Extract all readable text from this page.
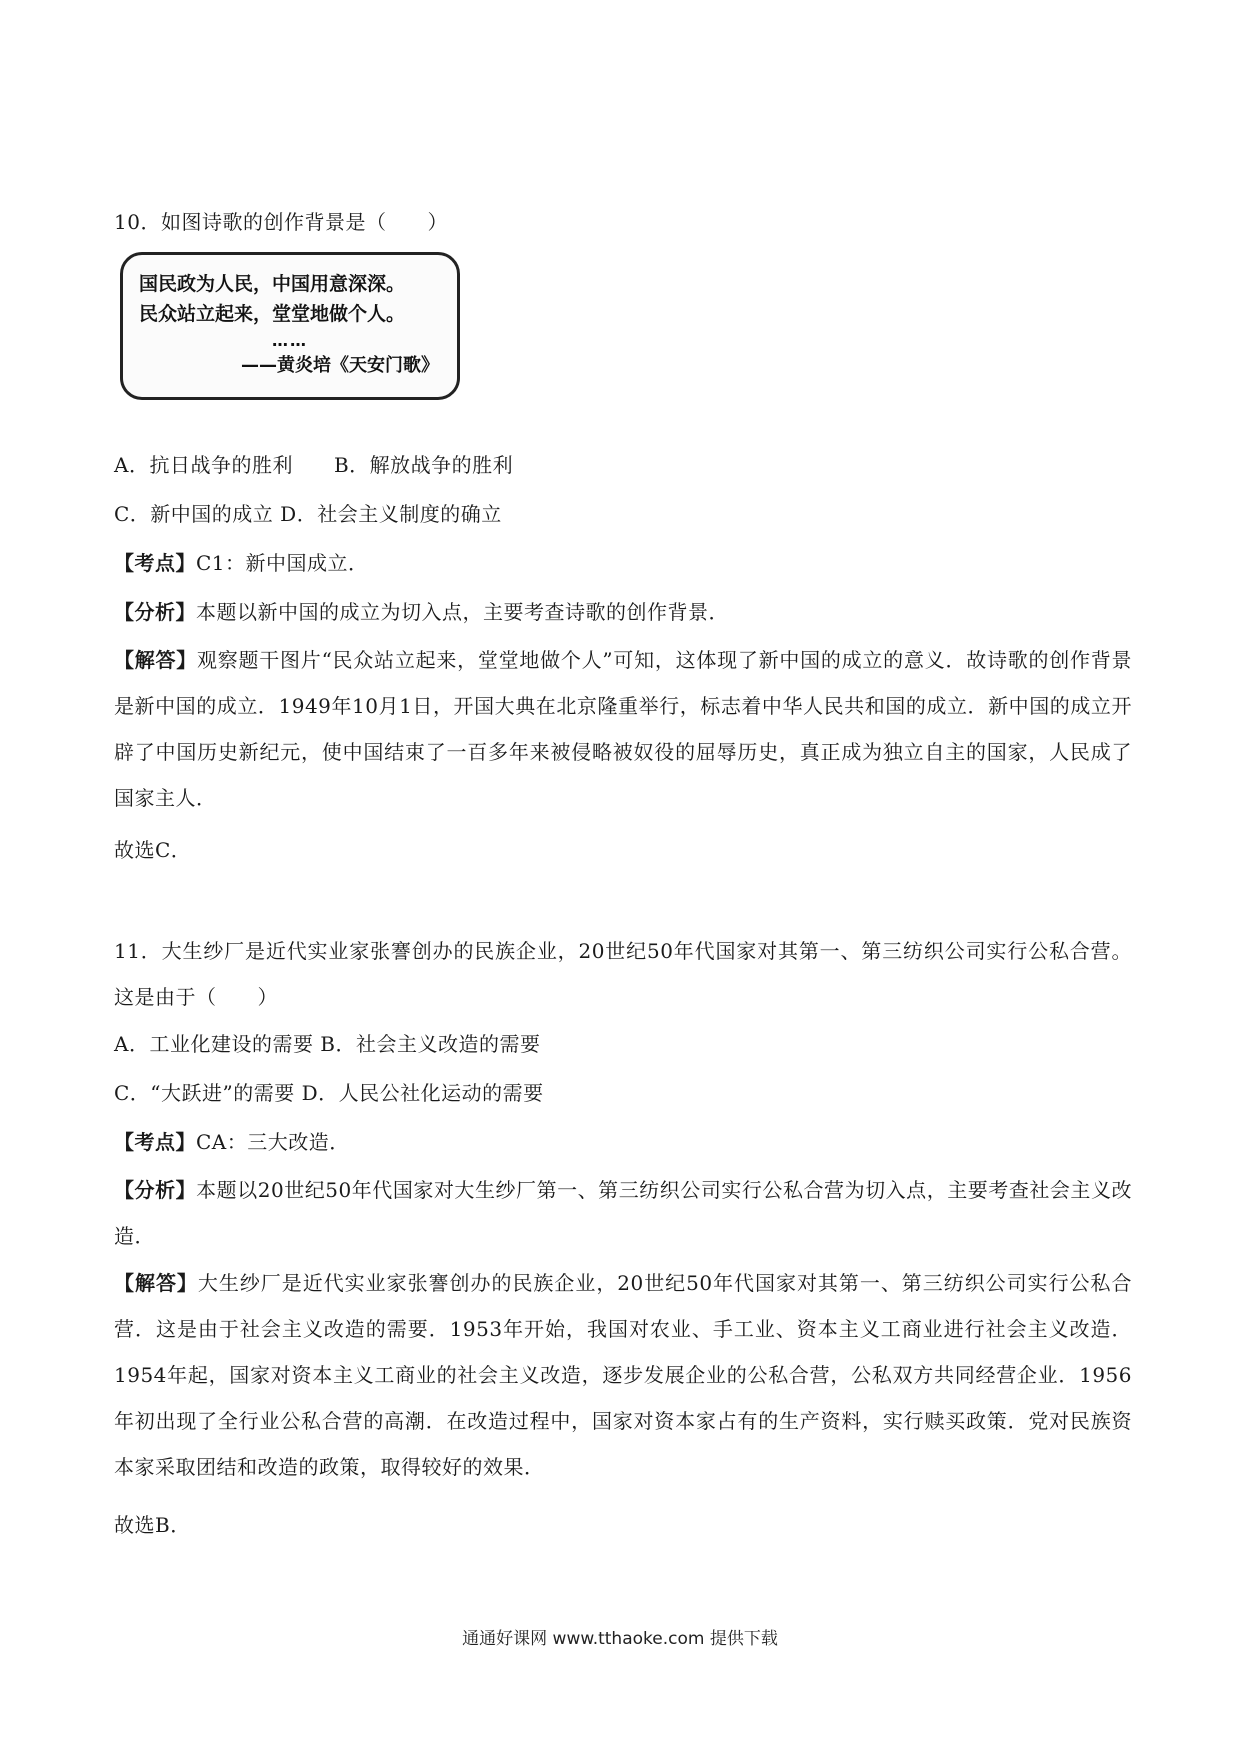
10．如图诗歌的创作背景是（　　）
国民政为人民，中国用意深深。
民众站立起来，堂堂地做个人。
……
——黄炎培《天安门歌》
A．抗日战争的胜利　　B．解放战争的胜利
C．新中国的成立 D．社会主义制度的确立
【考点】C1：新中国成立．
【分析】本题以新中国的成立为切入点，主要考查诗歌的创作背景．
【解答】观察题干图片“民众站立起来，堂堂地做个人”可知，这体现了新中国的成立的意义．故诗歌的创作背景是新中国的成立．1949年10月1日，开国大典在北京隆重举行，标志着中华人民共和国的成立．新中国的成立开辟了中国历史新纪元，使中国结束了一百多年来被侵略被奴役的屈辱历史，真正成为独立自主的国家，人民成了国家主人．
故选C．
11．大生纱厂是近代实业家张謇创办的民族企业，20世纪50年代国家对其第一、第三纺织公司实行公私合营。这是由于（　　）
A．工业化建设的需要 B．社会主义改造的需要
C．“大跃进”的需要 D．人民公社化运动的需要
【考点】CA：三大改造．
【分析】本题以20世纪50年代国家对大生纱厂第一、第三纺织公司实行公私合营为切入点，主要考查社会主义改造．
【解答】大生纱厂是近代实业家张謇创办的民族企业，20世纪50年代国家对其第一、第三纺织公司实行公私合营．这是由于社会主义改造的需要．1953年开始，我国对农业、手工业、资本主义工商业进行社会主义改造．1954年起，国家对资本主义工商业的社会主义改造，逐步发展企业的公私合营，公私双方共同经营企业．1956年初出现了全行业公私合营的高潮．在改造过程中，国家对资本家占有的生产资料，实行赎买政策．党对民族资本家采取团结和改造的政策，取得较好的效果．
故选B．
通通好课网 www.tthaoke.com 提供下载
